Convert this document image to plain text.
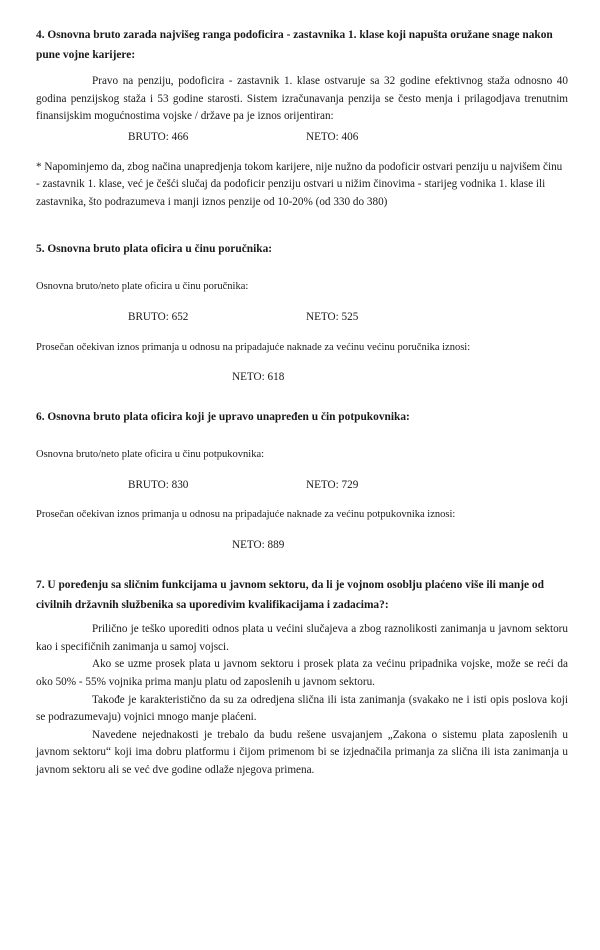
4. Osnovna bruto zarada najvišeg ranga podoficira - zastavnika 1. klase koji napušta oružane snage nakon pune vojne karijere:

Pravo na penziju, podoficira - zastavnik 1. klase ostvaruje sa 32 godine efektivnog staža odnosno 40 godina penzijskog staža i 53 godine starosti. Sistem izračunavanja penzija se često menja i prilagodjava trenutnim finansijskim mogućnostima vojske / države pa je iznos orijentiran:

BRUTO: 466	NETO: 406

* Napominjemo da, zbog načina unapredjenja tokom karijere, nije nužno da podoficir ostvari penziju u najvišem činu - zastavnik 1. klase, već je češći slučaj da podoficir penziju ostvari u nižim činovima - starijeg vodnika 1. klase ili zastavnika, što podrazumeva i manji iznos penzije od 10-20% (od 330 do 380)

5. Osnovna bruto plata oficira u činu poručnika:

Osnovna bruto/neto plate oficira u činu poručnika:

BRUTO: 652	NETO: 525

Prosečan očekivan iznos primanja u odnosu na pripadajuće naknade za većinu većinu poručnika iznosi:

NETO: 618

6. Osnovna bruto plata oficira koji je upravo unapređen u čin potpukovnika:

Osnovna bruto/neto plate oficira u činu potpukovnika:

BRUTO: 830	NETO: 729

Prosečan očekivan iznos primanja u odnosu na pripadajuće naknade za većinu potpukovnika iznosi:

NETO: 889

7. U poređenju sa sličnim funkcijama u javnom sektoru, da li je vojnom osoblju plaćeno više ili manje od civilnih državnih službenika sa uporedivim kvalifikacijama i zadacima?:

Prilično je teško uporediti odnos plata u većini slučajeva a zbog raznolikosti zanimanja u javnom sektoru kao i specifičnih zanimanja u samoj vojsci.

Ako se uzme prosek plata u javnom sektoru i prosek plata za većinu pripadnika vojske, može se reći da oko 50% - 55% vojnika prima manju platu od zaposlenih u javnom sektoru.

Takođe je karakteristično da su za odredjena slična ili ista zanimanja (svakako ne i isti opis poslova koji se podrazumevaju) vojnici mnogo manje plaćeni.

Navedene nejednakosti je trebalo da budu rešene usvajanjem „Zakona o sistemu plata zaposlenih u javnom sektoru“ koji ima dobru platformu i čijom primenom bi se izjednačila primanja za slična ili ista zanimanja u javnom sektoru ali se već dve godine odlaže njegova primena.
